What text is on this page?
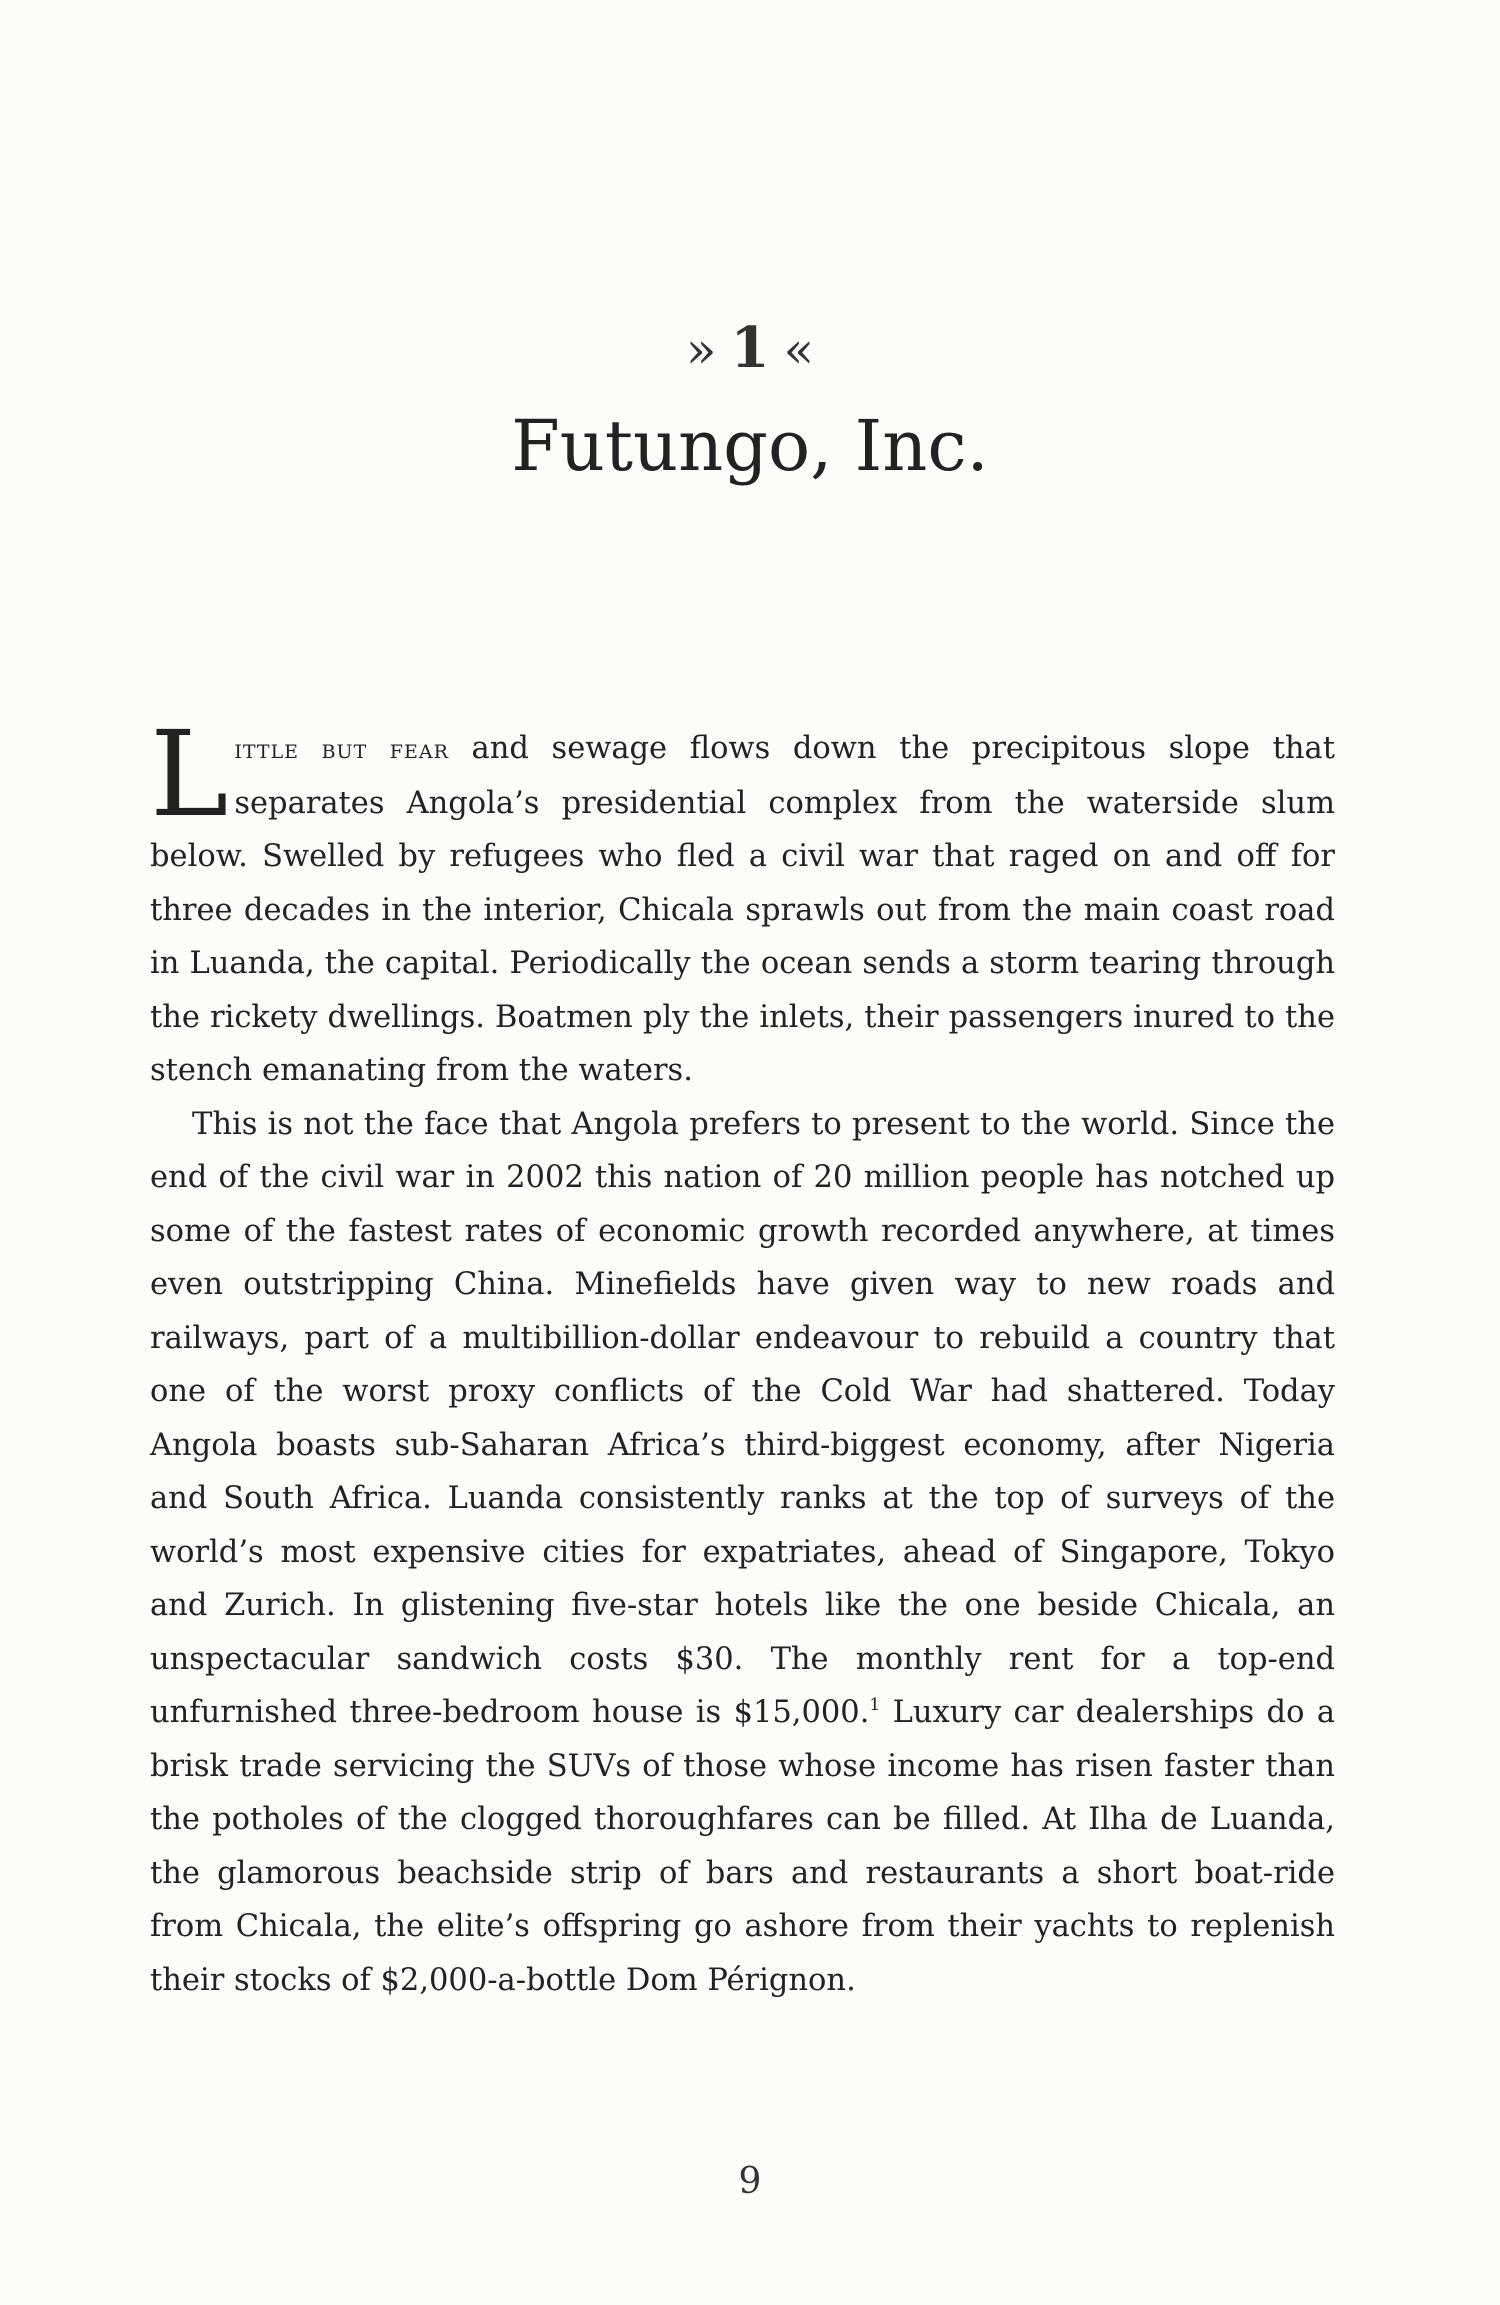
» 1 «
Futungo, Inc.

Little but fear and sewage flows down the precipitous slope that separates Angola’s presidential complex from the waterside slum below. Swelled by refugees who fled a civil war that raged on and off for three decades in the interior, Chicala sprawls out from the main coast road in Luanda, the capital. Periodically the ocean sends a storm tearing through the rickety dwellings. Boatmen ply the inlets, their passengers inured to the stench emanating from the waters.

This is not the face that Angola prefers to present to the world. Since the end of the civil war in 2002 this nation of 20 million people has notched up some of the fastest rates of economic growth recorded anywhere, at times even outstripping China. Minefields have given way to new roads and railways, part of a multibillion-dollar endeavour to rebuild a country that one of the worst proxy conflicts of the Cold War had shattered. Today Angola boasts sub-Saharan Africa’s third-biggest economy, after Nigeria and South Africa. Luanda consistently ranks at the top of surveys of the world’s most expensive cities for expatriates, ahead of Singapore, Tokyo and Zurich. In glistening five-star hotels like the one beside Chicala, an unspectacular sandwich costs $30. The monthly rent for a top-end unfurnished three-bedroom house is $15,000.$^1$ Luxury car dealerships do a brisk trade servicing the SUVs of those whose income has risen faster than the potholes of the clogged thoroughfares can be filled. At Ilha de Luanda, the glamorous beachside strip of bars and restaurants a short boat-ride from Chicala, the elite’s offspring go ashore from their yachts to replenish their stocks of $2,000-a-bottle Dom Pérignon.

9
